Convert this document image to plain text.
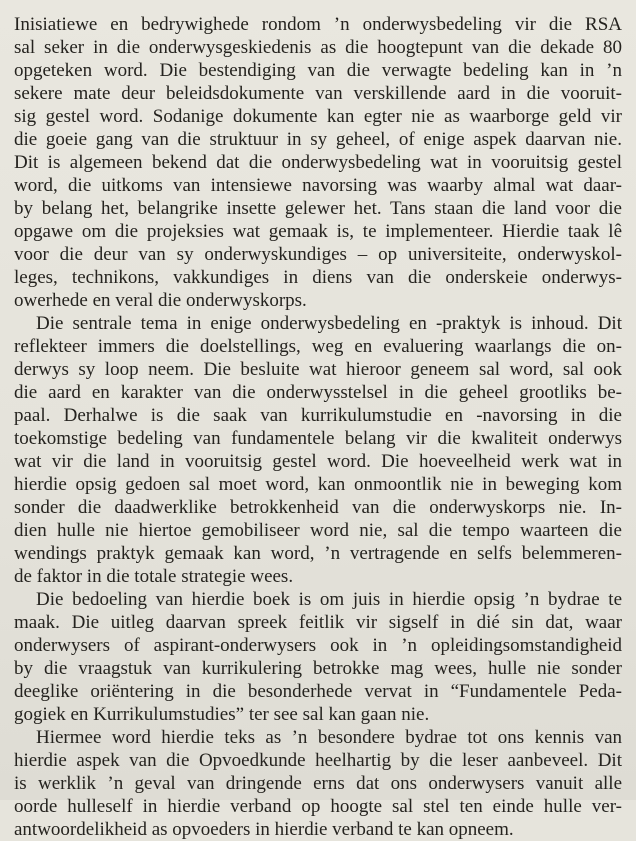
Inisiatiewe en bedrywighede rondom ’n onderwysbedeling vir die RSA
sal seker in die onderwysgeskiedenis as die hoogtepunt van die dekade 80
opgeteken word. Die bestendiging van die verwagte bedeling kan in ’n
sekere mate deur beleidsdokumente van verskillende aard in die vooruit-
sig gestel word. Sodanige dokumente kan egter nie as waarborge geld vir
die goeie gang van die struktuur in sy geheel, of enige aspek daarvan nie.
Dit is algemeen bekend dat die onderwysbedeling wat in vooruitsig gestel
word, die uitkoms van intensiewe navorsing was waarby almal wat daar-
by belang het, belangrike insette gelewer het. Tans staan die land voor die
opgawe om die projeksies wat gemaak is, te implementeer. Hierdie taak lê
voor die deur van sy onderwyskundiges – op universiteite, onderwyskol-
leges, technikons, vakkundiges in diens van die onderskeie onderwys-
owerhede en veral die onderwyskorps.
Die sentrale tema in enige onderwysbedeling en -praktyk is inhoud. Dit
reflekteer immers die doelstellings, weg en evaluering waarlangs die on-
derwys sy loop neem. Die besluite wat hieroor geneem sal word, sal ook
die aard en karakter van die onderwysstelsel in die geheel grootliks be-
paal. Derhalwe is die saak van kurrikulumstudie en -navorsing in die
toekomstige bedeling van fundamentele belang vir die kwaliteit onderwys
wat vir die land in vooruitsig gestel word. Die hoeveelheid werk wat in
hierdie opsig gedoen sal moet word, kan onmoontlik nie in beweging kom
sonder die daadwerklike betrokkenheid van die onderwyskorps nie. In-
dien hulle nie hiertoe gemobiliseer word nie, sal die tempo waarteen die
wendings praktyk gemaak kan word, ’n vertragende en selfs belemmeren-
de faktor in die totale strategie wees.
Die bedoeling van hierdie boek is om juis in hierdie opsig ’n bydrae te
maak. Die uitleg daarvan spreek feitlik vir sigself in dié sin dat, waar
onderwysers of aspirant-onderwysers ook in ’n opleidingsomstandigheid
by die vraagstuk van kurrikulering betrokke mag wees, hulle nie sonder
deeglike oriëntering in die besonderhede vervat in “Fundamentele Peda-
gogiek en Kurrikulumstudies” ter see sal kan gaan nie.
Hiermee word hierdie teks as ’n besondere bydrae tot ons kennis van
hierdie aspek van die Opvoedkunde heelhartig by die leser aanbeveel. Dit
is werklik ’n geval van dringende erns dat ons onderwysers vanuit alle
oorde hulleself in hierdie verband op hoogte sal stel ten einde hulle ver-
antwoordelikheid as opvoeders in hierdie verband te kan opneem.
